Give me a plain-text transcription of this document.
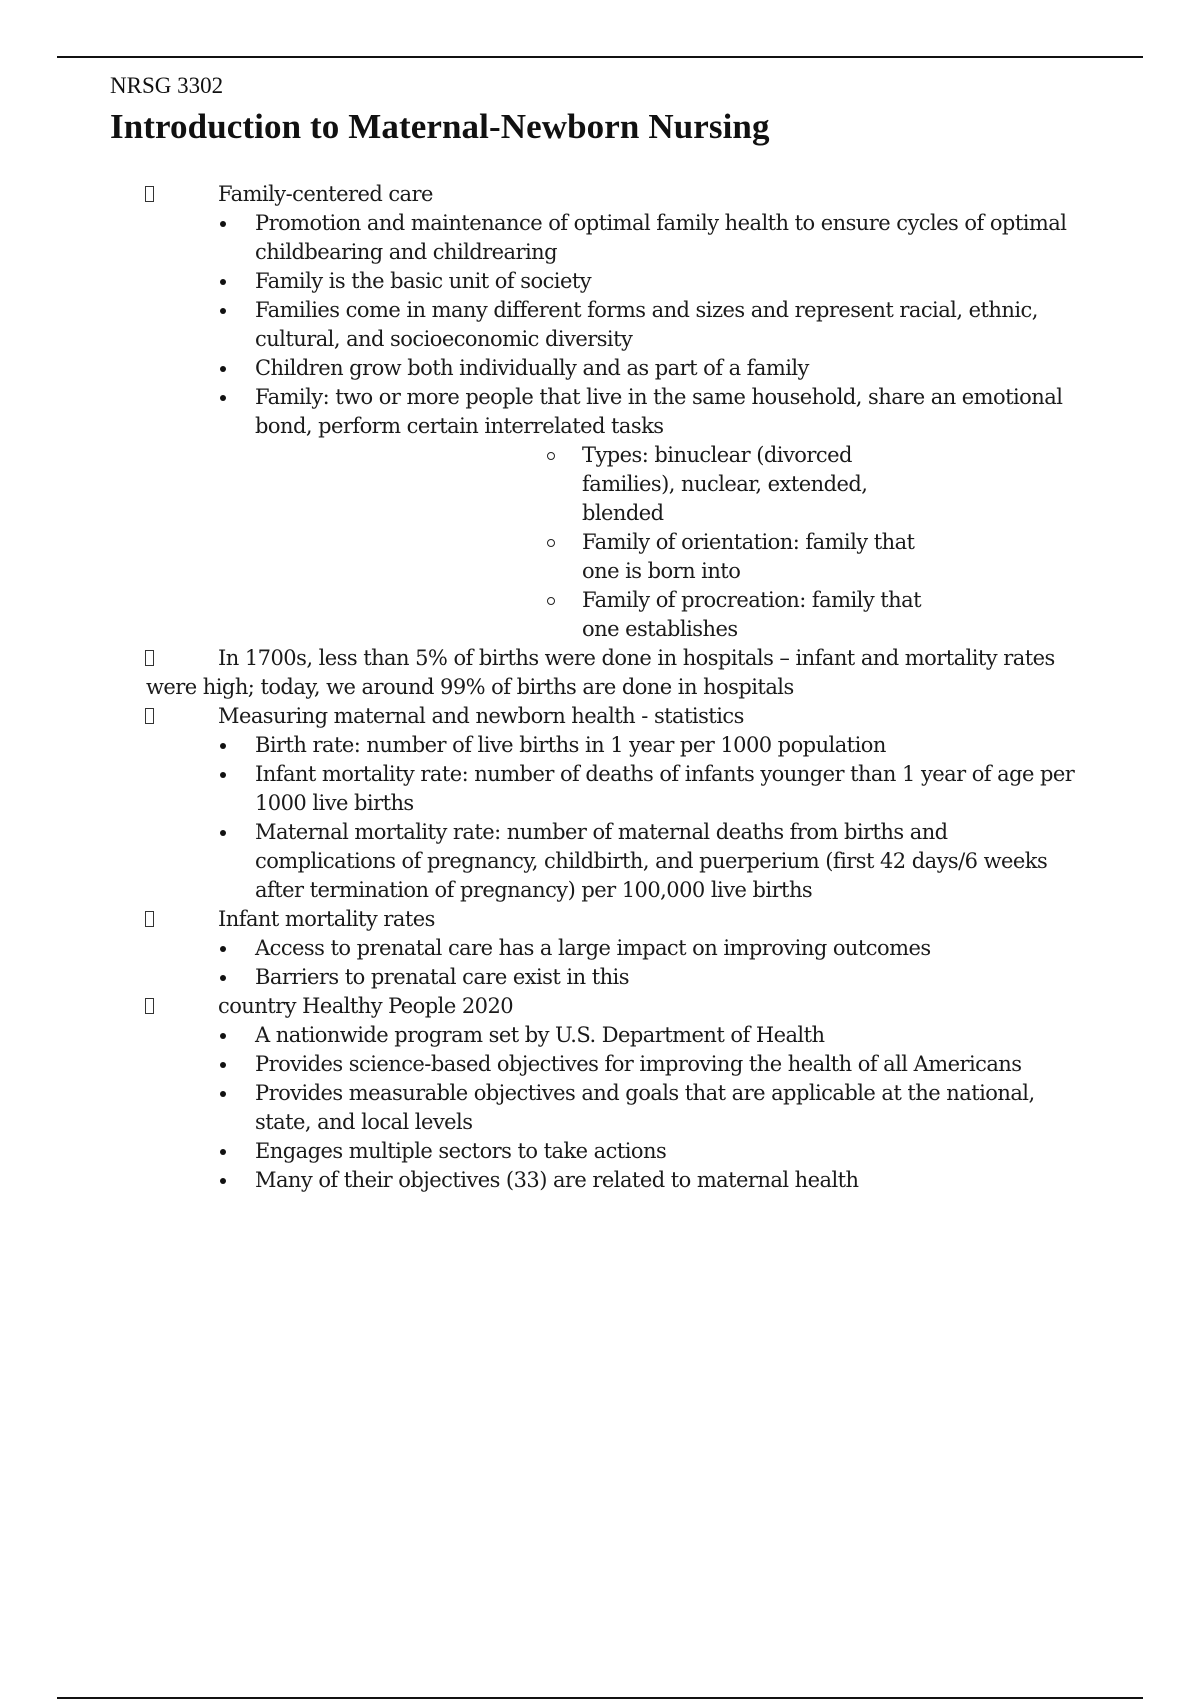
NRSG 3302
Introduction to Maternal-Newborn Nursing
Family-centered care
Promotion and maintenance of optimal family health to ensure cycles of optimal childbearing and childrearing
Family is the basic unit of society
Families come in many different forms and sizes and represent racial, ethnic, cultural, and socioeconomic diversity
Children grow both individually and as part of a family
Family: two or more people that live in the same household, share an emotional bond, perform certain interrelated tasks
Types: binuclear (divorced families), nuclear, extended, blended
Family of orientation: family that one is born into
Family of procreation: family that one establishes
In 1700s, less than 5% of births were done in hospitals – infant and mortality rates were high; today, we around 99% of births are done in hospitals
Measuring maternal and newborn health - statistics
Birth rate: number of live births in 1 year per 1000 population
Infant mortality rate: number of deaths of infants younger than 1 year of age per 1000 live births
Maternal mortality rate: number of maternal deaths from births and complications of pregnancy, childbirth, and puerperium (first 42 days/6 weeks after termination of pregnancy) per 100,000 live births
Infant mortality rates
Access to prenatal care has a large impact on improving outcomes
Barriers to prenatal care exist in this
country Healthy People 2020
A nationwide program set by U.S. Department of Health
Provides science-based objectives for improving the health of all Americans
Provides measurable objectives and goals that are applicable at the national, state, and local levels
Engages multiple sectors to take actions
Many of their objectives (33) are related to maternal health
